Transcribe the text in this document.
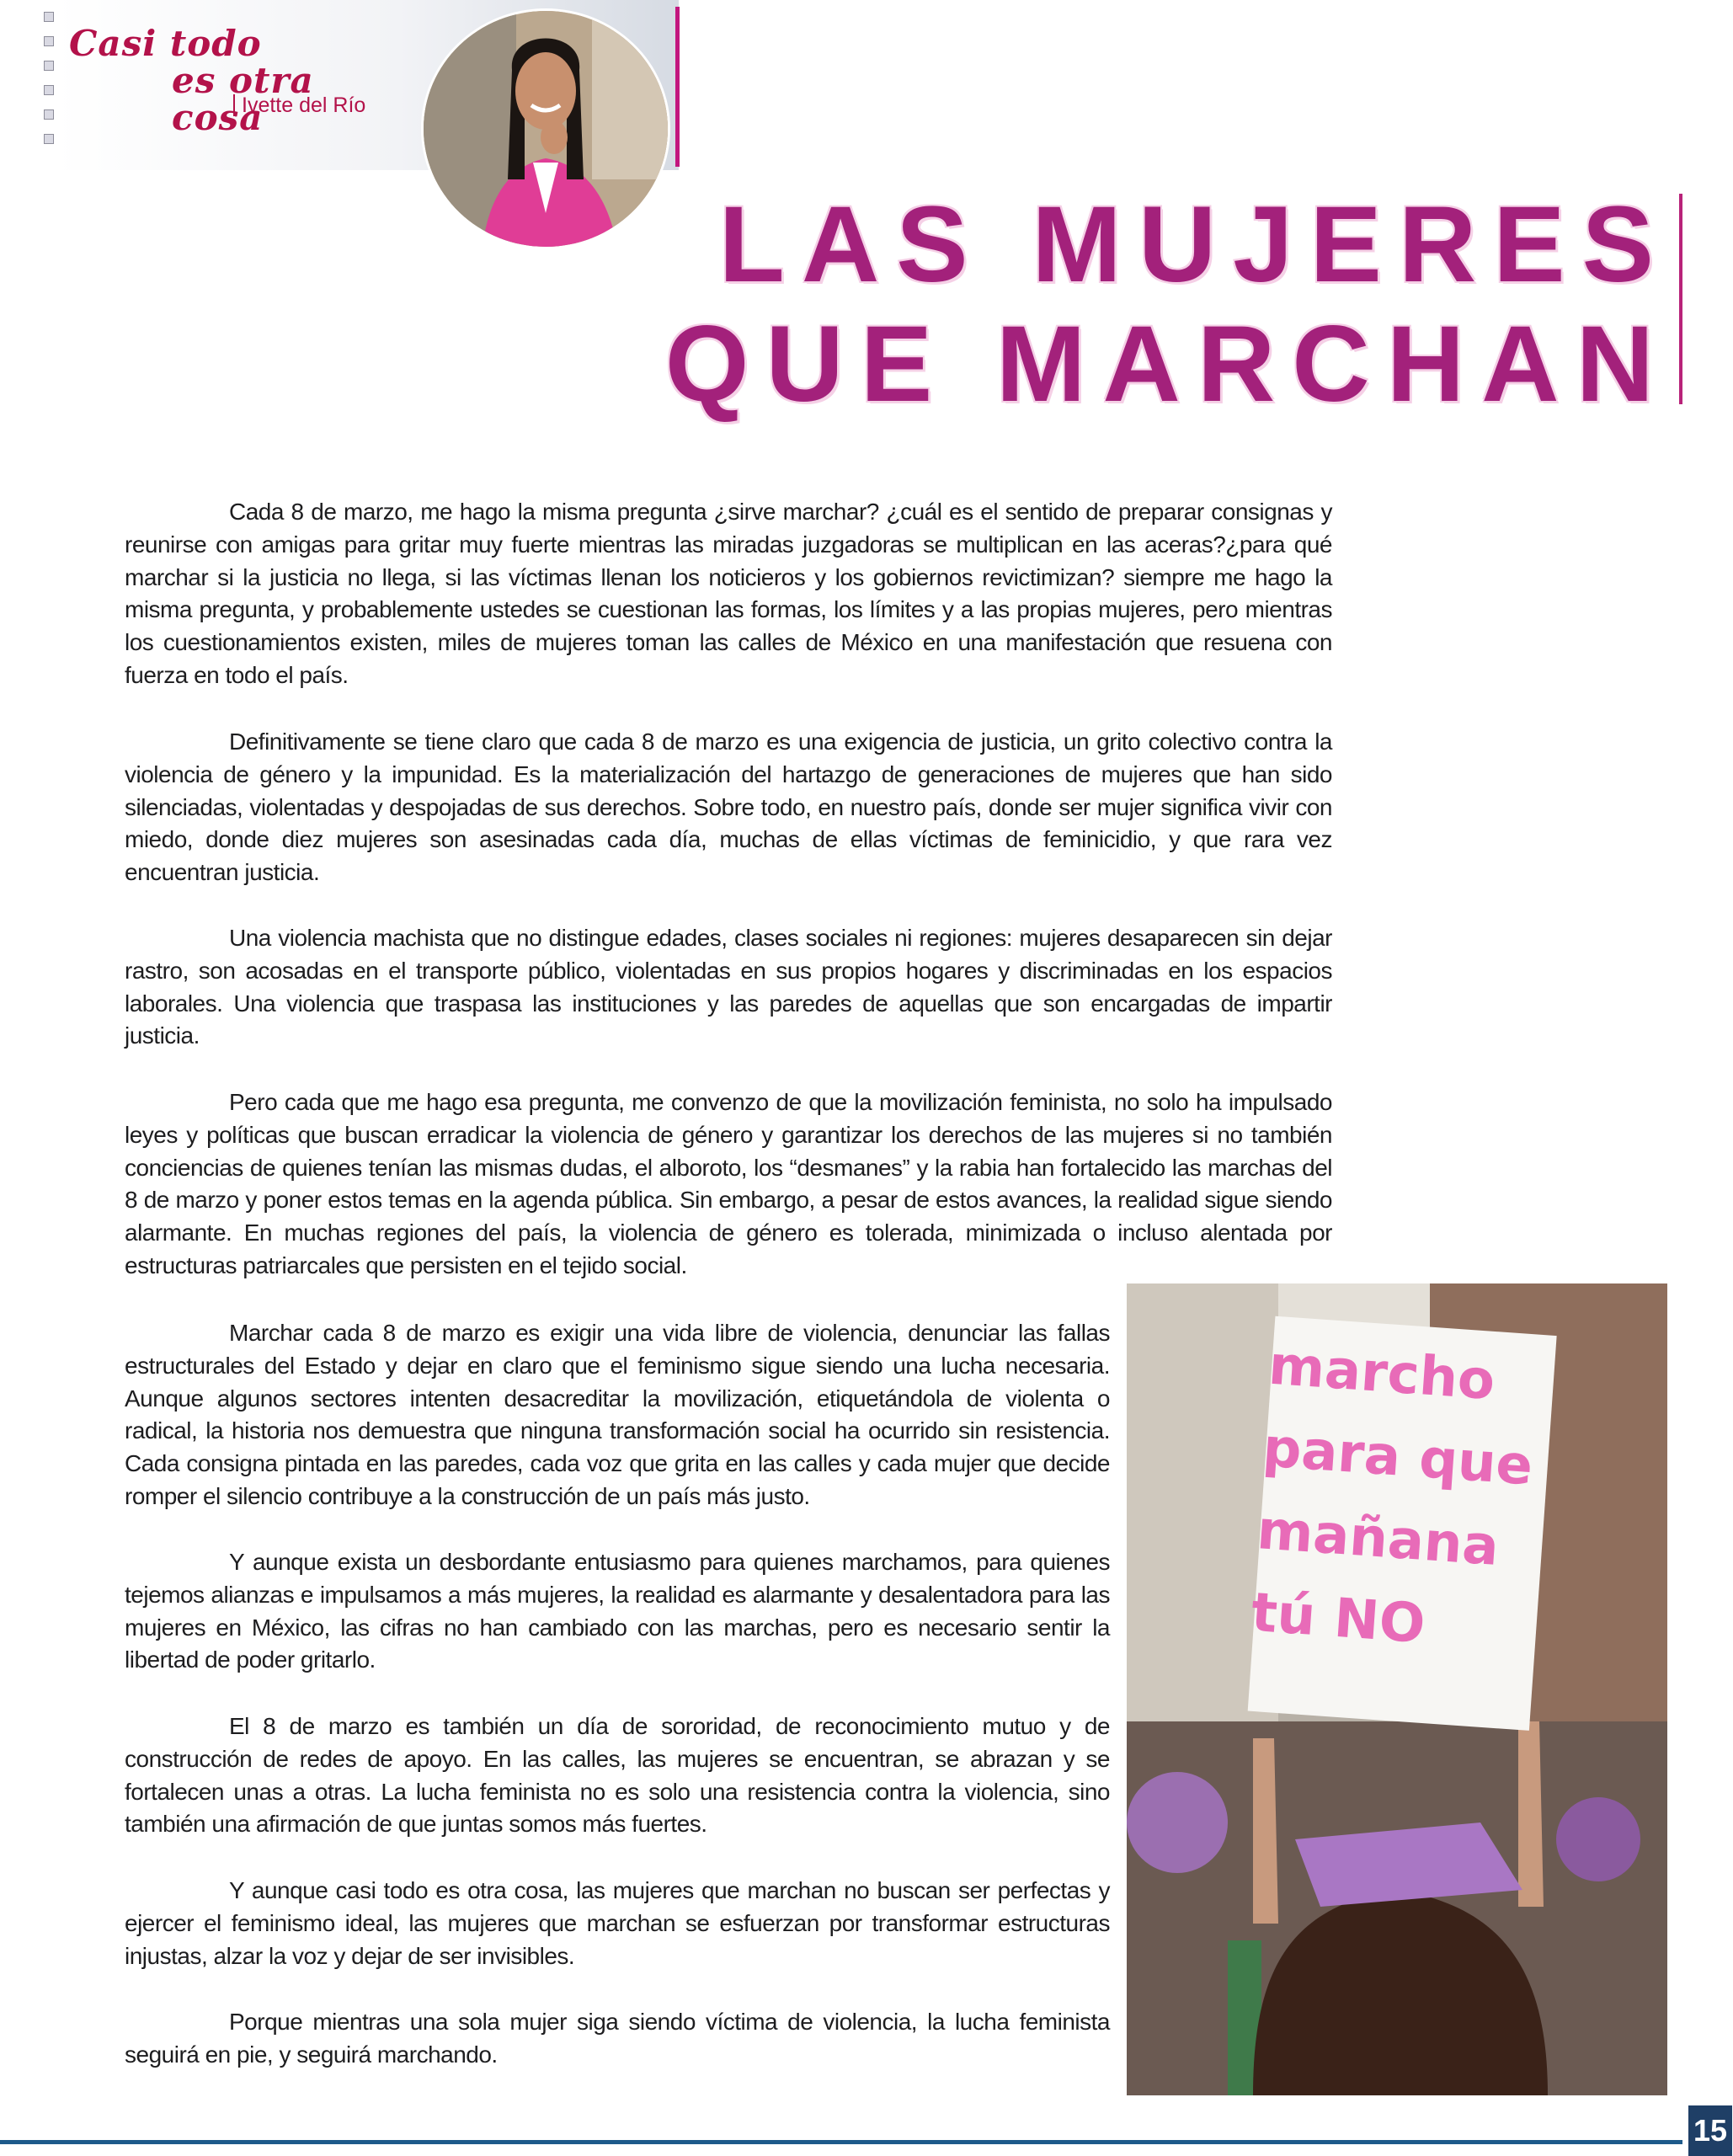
Casi todo
es otra cosa
Ivette del Río
LAS MUJERES
QUE MARCHAN

Cada 8 de marzo, me hago la misma pregunta ¿sirve marchar? ¿cuál es el sentido de preparar consignas y reunirse con amigas para gritar muy fuerte mientras las miradas juzgadoras se multiplican en las aceras?¿para qué marchar si la justicia no llega, si las víctimas llenan los noticieros y los gobiernos revictimizan? siempre me hago la misma pregunta, y probablemente ustedes se cuestionan las formas, los límites y a las propias mujeres, pero mientras los cuestionamientos existen, miles de mujeres toman las calles de México en una manifestación que resuena con fuerza en todo el país.

Definitivamente se tiene claro que cada 8 de marzo es una exigencia de justicia, un grito colectivo contra la violencia de género y la impunidad. Es la materialización del hartazgo de generaciones de mujeres que han sido silenciadas, violentadas y despojadas de sus derechos. Sobre todo, en nuestro país, donde ser mujer significa vivir con miedo, donde diez mujeres son asesinadas cada día, muchas de ellas víctimas de feminicidio, y que rara vez encuentran justicia.

Una violencia machista que no distingue edades, clases sociales ni regiones: mujeres desaparecen sin dejar rastro, son acosadas en el transporte público, violentadas en sus propios hogares y discriminadas en los espacios laborales. Una violencia que traspasa las instituciones y las paredes de aquellas que son encargadas de impartir justicia.

Pero cada que me hago esa pregunta, me convenzo de que la movilización feminista, no solo ha impulsado leyes y políticas que buscan erradicar la violencia de género y garantizar los derechos de las mujeres si no también conciencias de quienes tenían las mismas dudas, el alboroto, los “desmanes” y la rabia han fortalecido las marchas del 8 de marzo y poner estos temas en la agenda pública. Sin embargo, a pesar de estos avances, la realidad sigue siendo alarmante. En muchas regiones del país, la violencia de género es tolerada, minimizada o incluso alentada por estructuras patriarcales que persisten en el tejido social.

Marchar cada 8 de marzo es exigir una vida libre de violencia, denunciar las fallas estructurales del Estado y dejar en claro que el feminismo sigue siendo una lucha necesaria. Aunque algunos sectores intenten desacreditar la movilización, etiquetándola de violenta o radical, la historia nos demuestra que ninguna transformación social ha ocurrido sin resistencia. Cada consigna pintada en las paredes, cada voz que grita en las calles y cada mujer que decide romper el silencio contribuye a la construcción de un país más justo.

Y aunque exista un desbordante entusiasmo para quienes marchamos, para quienes tejemos alianzas e impulsamos a más mujeres, la realidad es alarmante y desalentadora para las mujeres en México, las cifras no han cambiado con las marchas, pero es necesario sentir la libertad de poder gritarlo.

El 8 de marzo es también un día de sororidad, de reconocimiento mutuo y de construcción de redes de apoyo. En las calles, las mujeres se encuentran, se abrazan y se fortalecen unas a otras. La lucha feminista no es solo una resistencia contra la violencia, sino también una afirmación de que juntas somos más fuertes.

Y aunque casi todo es otra cosa, las mujeres que marchan no buscan ser perfectas y ejercer el feminismo ideal, las mujeres que marchan se esfuerzan por transformar estructuras injustas, alzar la voz y dejar de ser invisibles.

Porque mientras una sola mujer siga siendo víctima de violencia, la lucha feminista seguirá en pie, y seguirá marchando.

marcho
para que
mañana
tú NO
15
